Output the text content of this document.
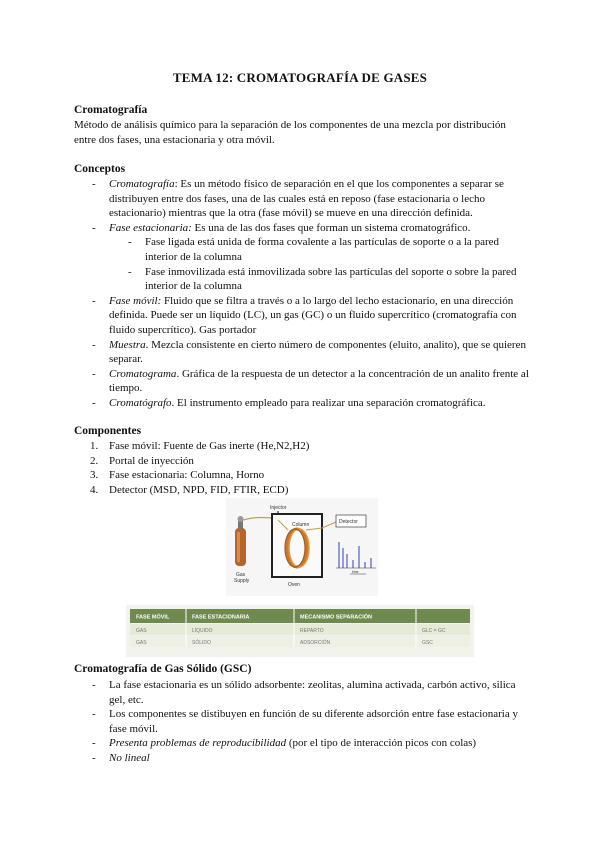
TEMA 12: CROMATOGRAFÍA DE GASES
Cromatografía
Método de análisis químico para la separación de los componentes de una mezcla por distribución
entre dos fases, una estacionaria y otra móvil.
Conceptos
-	Cromatografía: Es un método físico de separación en el que los componentes a separar se distribuyen entre dos fases, una de las cuales está en reposo (fase estacionaria o lecho estacionario) mientras que la otra (fase móvil) se mueve en una dirección definida.
-	Fase estacionaria: Es una de las dos fases que forman un sistema cromatográfico.
-	Fase ligada está unida de forma covalente a las partículas de soporte o a la pared interior de la columna
-	Fase inmovilizada está inmovilizada sobre las partículas del soporte o sobre la pared interior de la columna
-	Fase móvil: Fluido que se filtra a través o a lo largo del lecho estacionario, en una dirección definida. Puede ser un líquido (LC), un gas (GC) o un fluido supercrítico (cromatografía con fluido supercrítico). Gas portador
-	Muestra. Mezcla consistente en cierto número de componentes (eluito, analito), que se quieren separar.
-	Cromatograma. Gráfica de la respuesta de un detector a la concentración de un analito frente al tiempo.
-	Cromatógrafo. El instrumento empleado para realizar una separación cromatográfica.
Componentes
1. Fase móvil: Fuente de Gas inerte (He,N2,H2)
2. Portal de inyección
3. Fase estacionaria: Columna, Horno
4. Detector (MSD, NPD, FID, FTIR, ECD)
Gas
Supply
Injector
Oven
Column	Detector
time
FASE MÓVIL	FASE ESTACIONARIA	MECANISMO SEPARACIÓN
GAS	LÍQUIDO	REPARTO	GLC = GC
GAS	SÓLIDO	ADSORCIÓN	GSC
Cromatografía de Gas Sólido (GSC)
-	La fase estacionaria es un sólido adsorbente: zeolitas, alumina activada, carbón activo, silica gel, etc.
-	Los componentes se distibuyen en función de su diferente adsorción entre fase estacionaria y fase móvil.
-	Presenta problemas de reproducibilidad (por el tipo de interacción picos con colas)
-	No lineal
